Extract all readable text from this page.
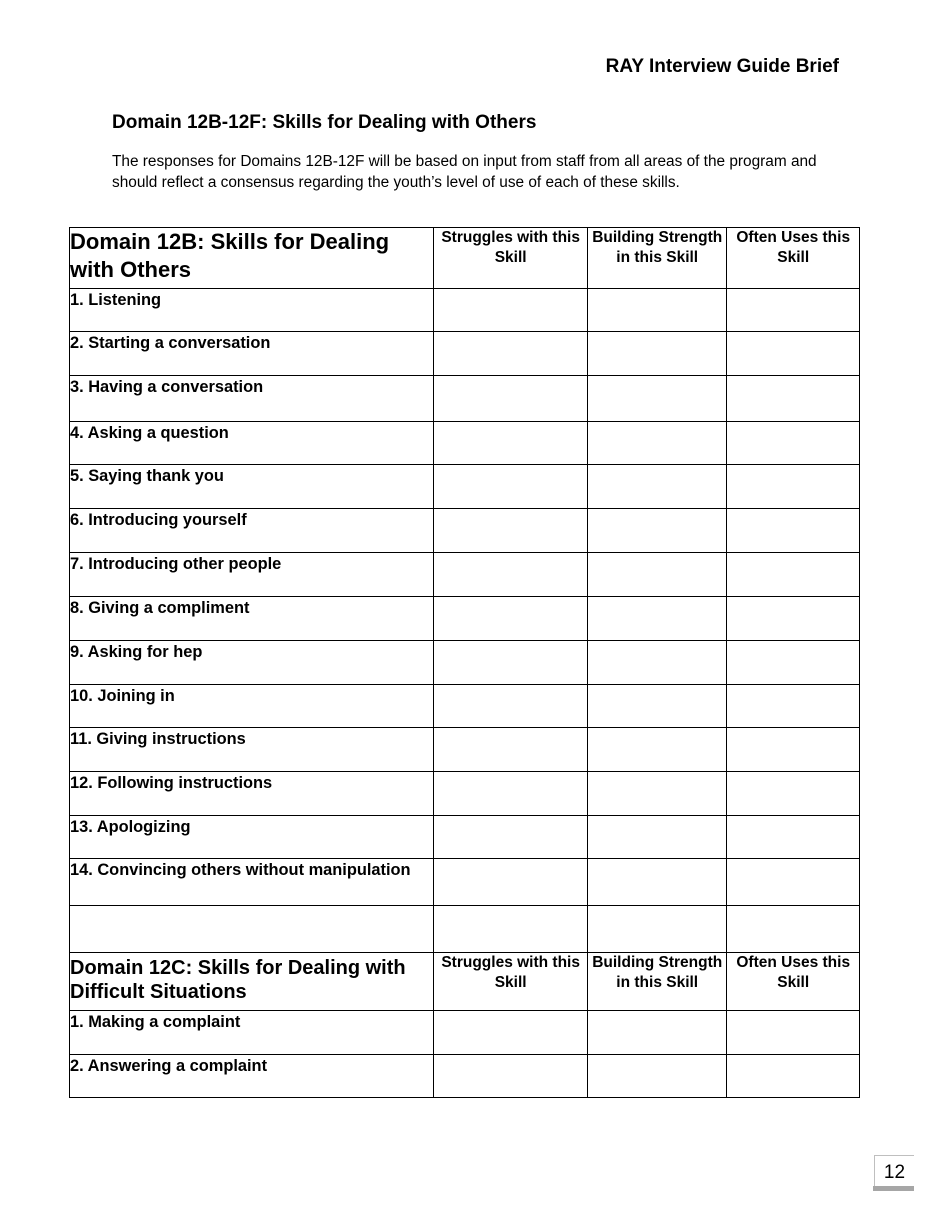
RAY Interview Guide Brief
Domain 12B-12F: Skills for Dealing with Others
The responses for Domains 12B-12F will be based on input from staff from all areas of the program and should reflect a consensus regarding the youth’s level of use of each of these skills.
Domain 12B: Skills for Dealing with Others	Struggles with this Skill	Building Strength in this Skill	Often Uses this Skill
1. Listening			
2. Starting a conversation			
3. Having a conversation			
4. Asking a question			
5. Saying thank you			
6. Introducing yourself			
7. Introducing other people			
8. Giving a compliment			
9. Asking for hep			
10. Joining in			
11. Giving instructions			
12. Following instructions			
13. Apologizing			
14. Convincing others without manipulation			

Domain 12C: Skills for Dealing with Difficult Situations	Struggles with this Skill	Building Strength in this Skill	Often Uses this Skill
1. Making a complaint			
2. Answering a complaint			
12
